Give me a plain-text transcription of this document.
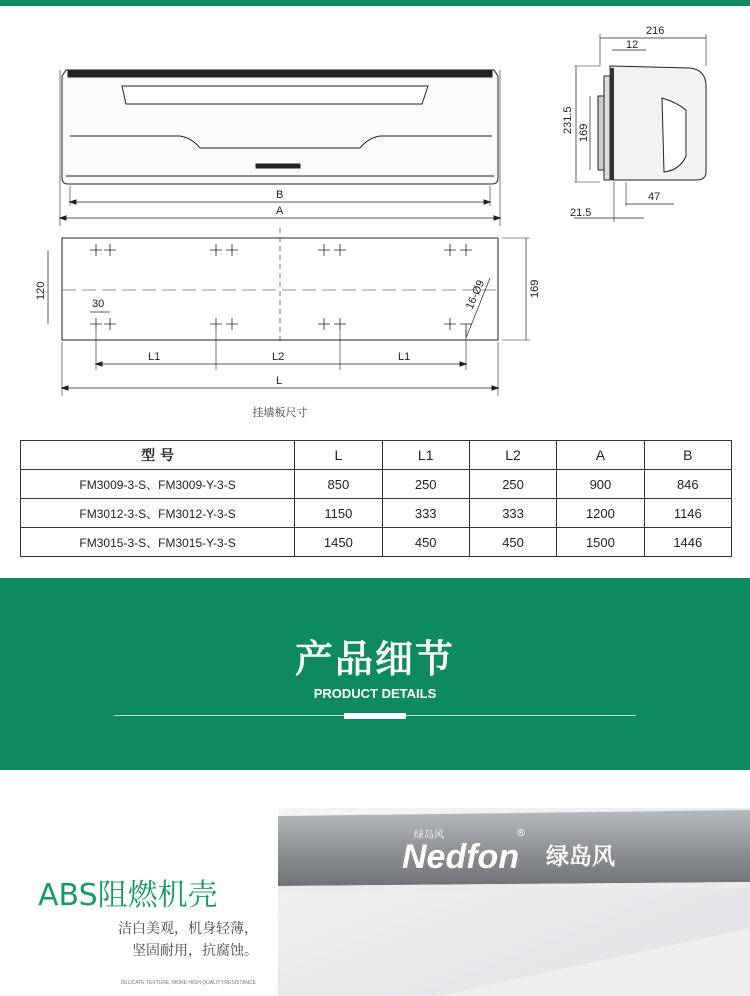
B
A
216
12
231.5 169
47
21.5
120
30	16-Ø9	169
L1	L2	L1
L
挂墙板尺寸
型 号	L	L1	L2	A	B
FM3009-3-S、FM3009-Y-3-S	850	250	250	900	846
FM3012-3-S、FM3012-Y-3-S	1150	333	333	1200	1146
FM3015-3-S、FM3015-Y-3-S	1450	450	450	1500	1446
产品细节
PRODUCT DETAILS
ABS阻燃机壳
洁白美观，机身轻薄，
坚固耐用，抗腐蚀。
DELICATE TEXTURE, MORE HIGH QUALITY,RESISTANCE
绿岛风
Nedfon
®
绿岛风
